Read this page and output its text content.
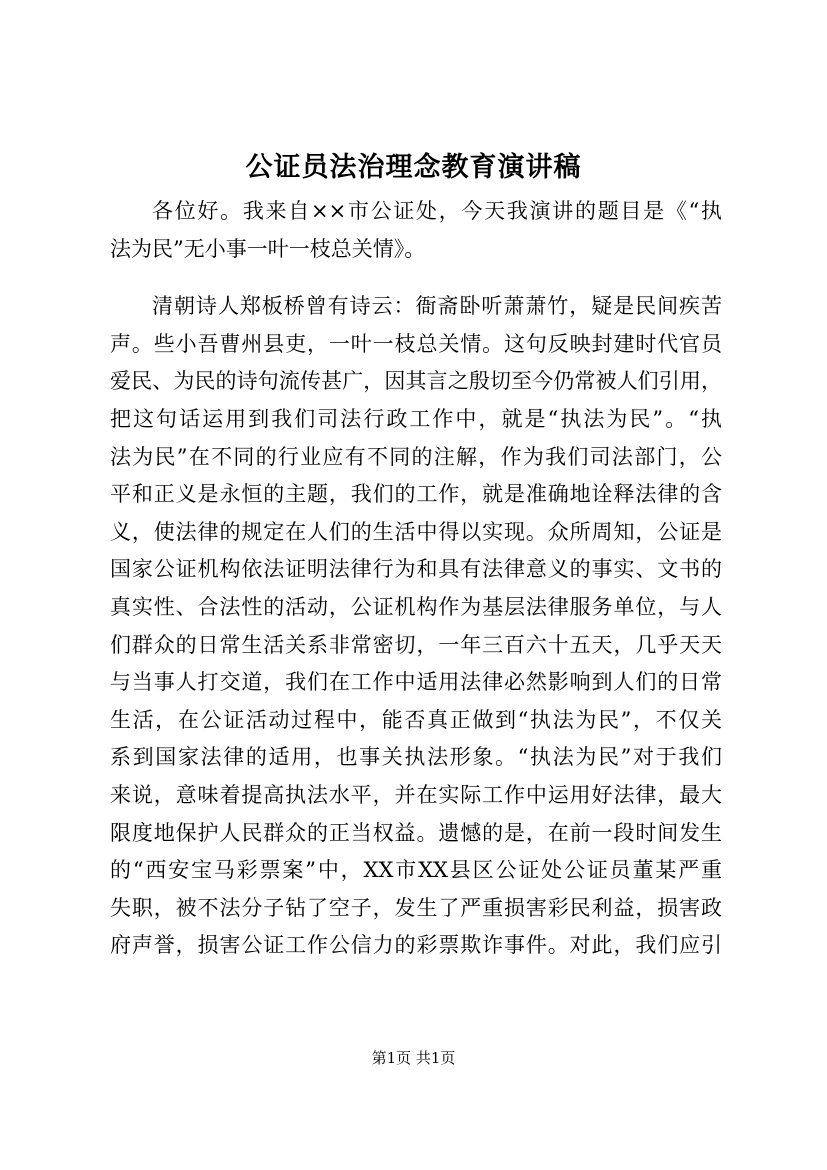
公证员法治理念教育演讲稿
各位好。我来自××市公证处，今天我演讲的题目是《“执
法为民”无小事一叶一枝总关情》。
清朝诗人郑板桥曾有诗云：衙斋卧听萧萧竹，疑是民间疾苦
声。些小吾曹州县吏，一叶一枝总关情。这句反映封建时代官员
爱民、为民的诗句流传甚广，因其言之殷切至今仍常被人们引用，
把这句话运用到我们司法行政工作中，就是“执法为民”。“执
法为民”在不同的行业应有不同的注解，作为我们司法部门，公
平和正义是永恒的主题，我们的工作，就是准确地诠释法律的含
义，使法律的规定在人们的生活中得以实现。众所周知，公证是
国家公证机构依法证明法律行为和具有法律意义的事实、文书的
真实性、合法性的活动，公证机构作为基层法律服务单位，与人
们群众的日常生活关系非常密切，一年三百六十五天，几乎天天
与当事人打交道，我们在工作中适用法律必然影响到人们的日常
生活，在公证活动过程中，能否真正做到“执法为民”，不仅关
系到国家法律的适用，也事关执法形象。“执法为民”对于我们
来说，意味着提高执法水平，并在实际工作中运用好法律，最大
限度地保护人民群众的正当权益。遗憾的是，在前一段时间发生
的“西安宝马彩票案”中，XX市XX县区公证处公证员董某严重
失职，被不法分子钻了空子，发生了严重损害彩民利益，损害政
府声誉，损害公证工作公信力的彩票欺诈事件。对此，我们应引
第1页 共1页
